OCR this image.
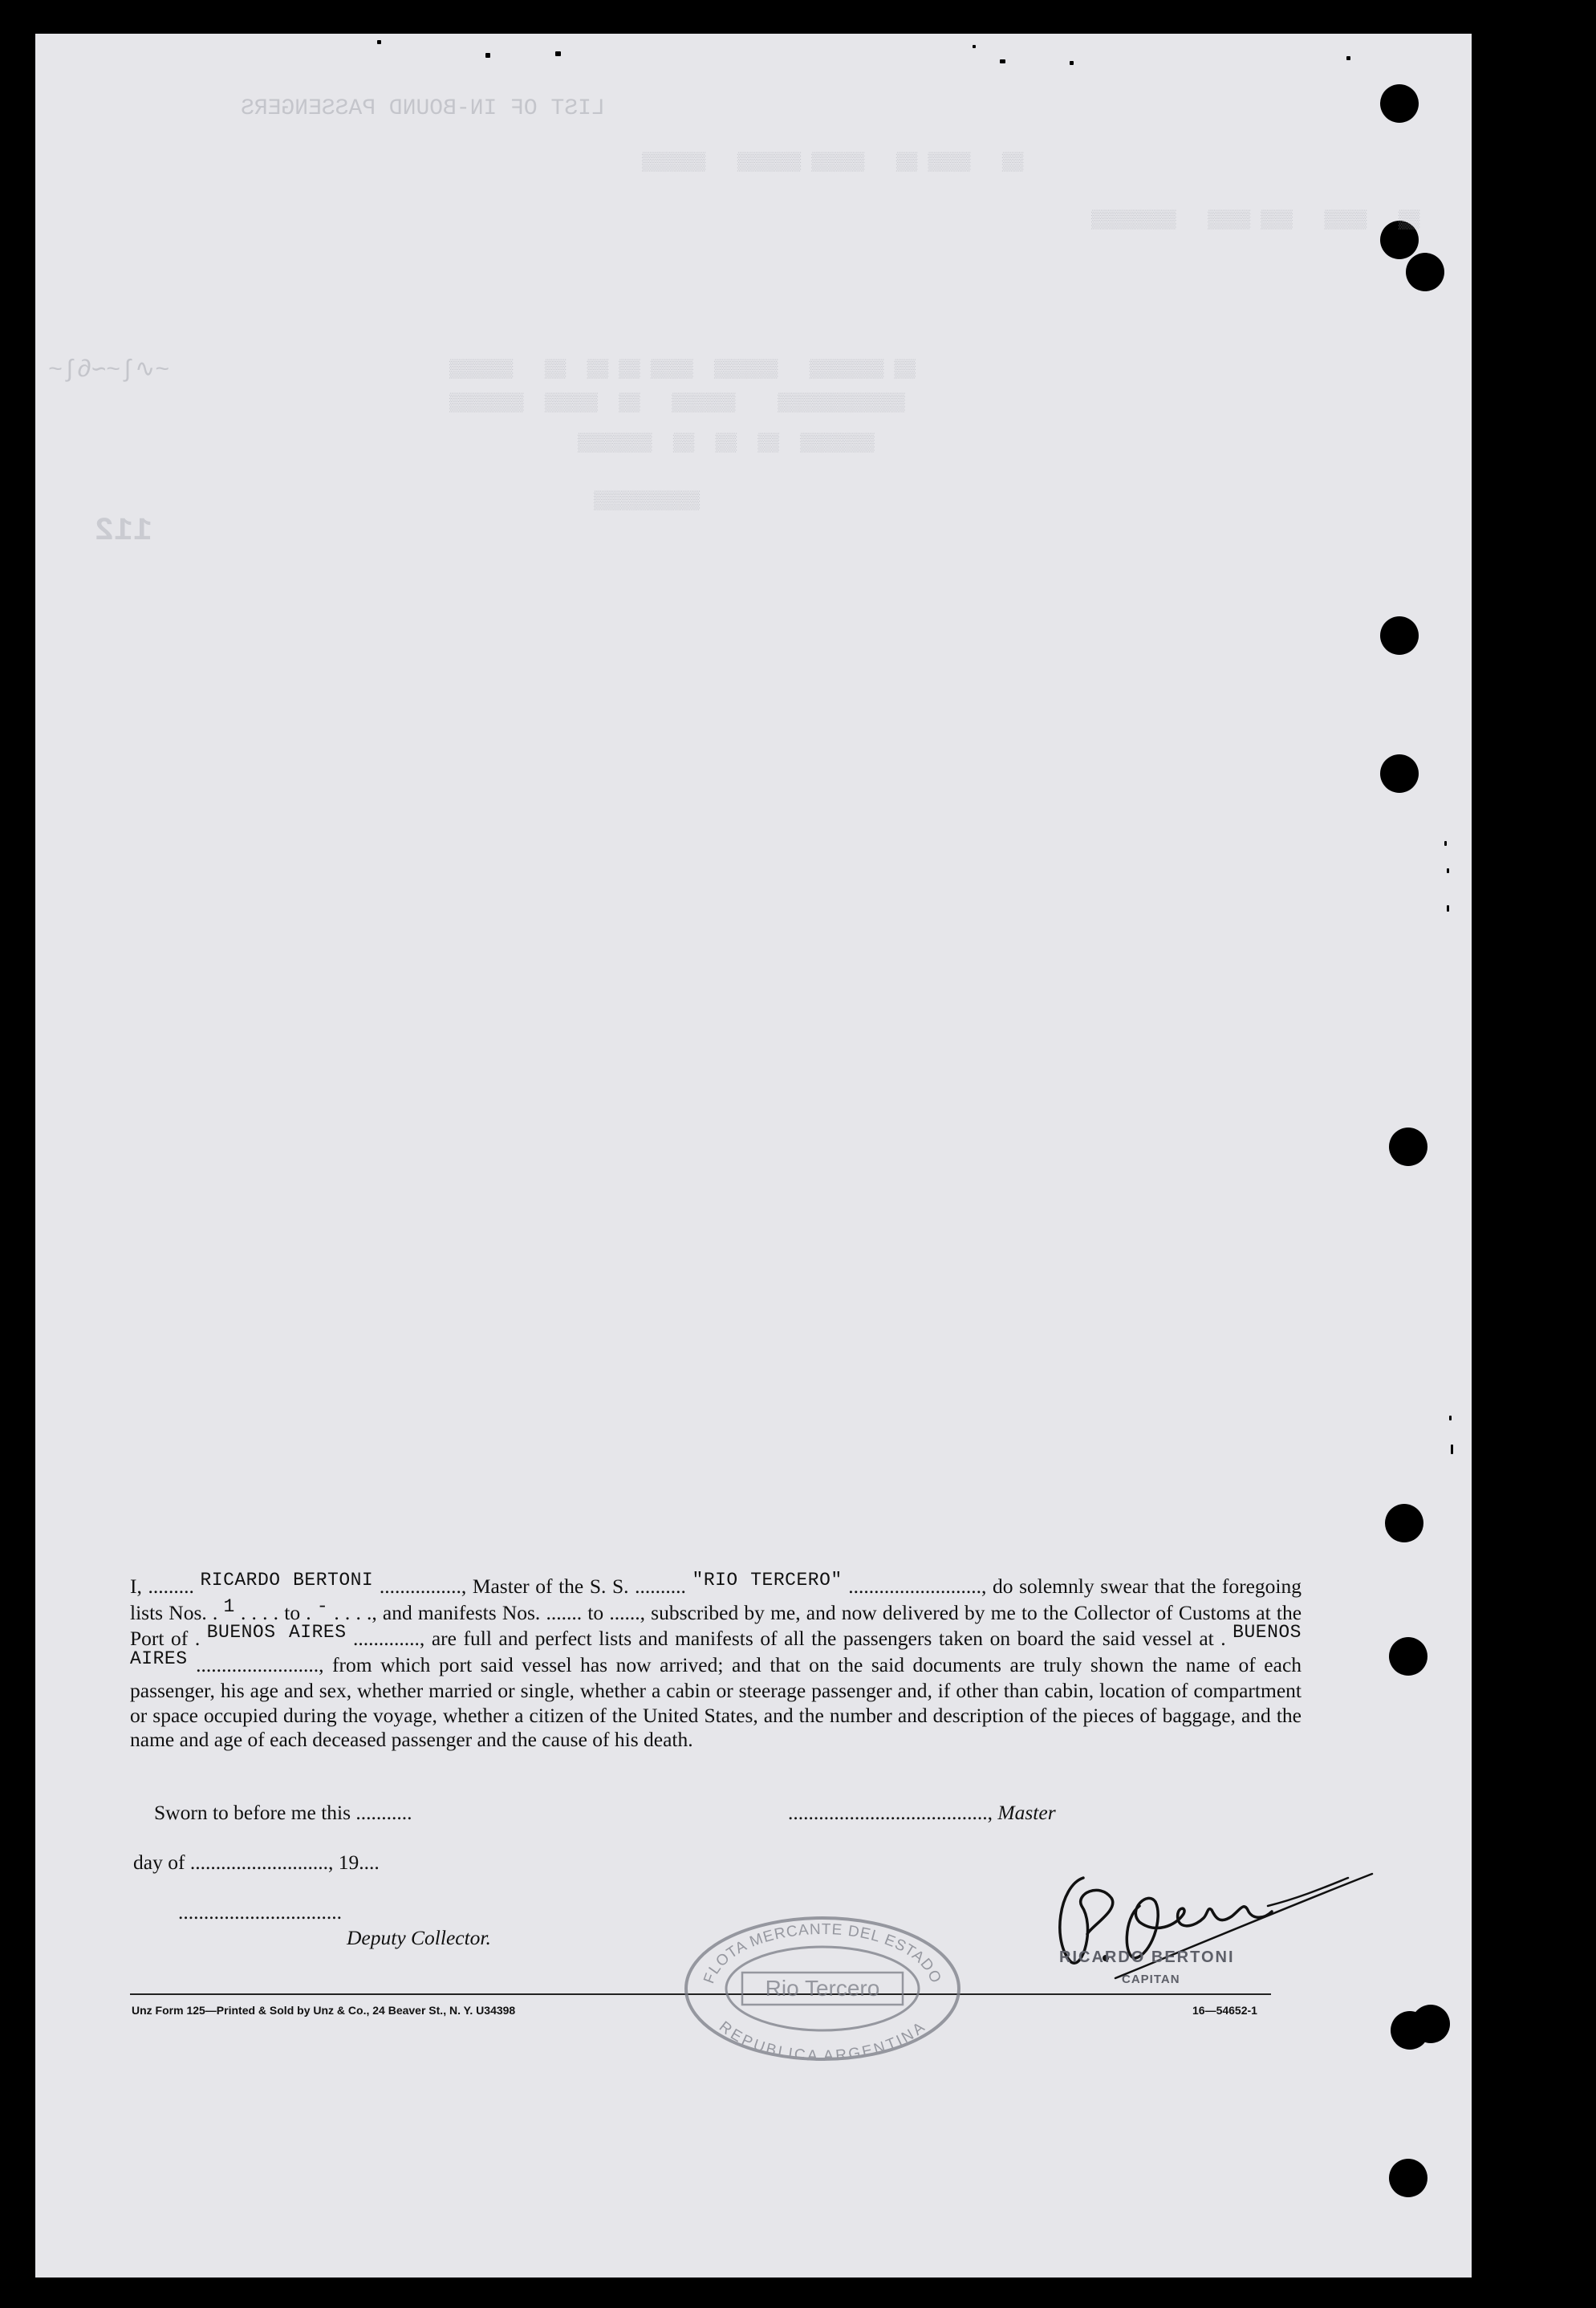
LIST OF IN-BOUND PASSENGERS
▒▒▒▒▒▒   ▒▒▒▒▒▒ ▒▒▒▒▒   ▒▒ ▒▒▒▒   ▒▒
▒▒▒▒▒▒▒▒   ▒▒▒▒ ▒▒▒   ▒▒▒▒   ▒▒
▒▒▒▒▒▒   ▒▒  ▒▒ ▒▒ ▒▒▒▒  ▒▒▒▒▒▒   ▒▒▒▒▒▒▒ ▒▒
▒▒▒▒▒▒▒  ▒▒▒▒▒  ▒▒   ▒▒▒▒▒▒    ▒▒▒▒▒▒▒▒▒▒▒▒
▒▒▒▒▒▒▒  ▒▒  ▒▒  ▒▒  ▒▒▒▒▒▒▒
▒▒▒▒▒▒▒▒▒▒
112
~∫∂∽~∫∿~

I, ......... RICARDO BERTONI ................, Master of the S. S. .......... "RIO TERCERO" .........................., do solemnly swear that the foregoing lists Nos. . 1 . . . . to . - . . . ., and manifests Nos. ....... to ......, subscribed by me, and now delivered by me to the Collector of Customs at the Port of . BUENOS AIRES ............., are full and perfect lists and manifests of all the passengers taken on board the said vessel at . BUENOS AIRES ........................, from which port said vessel has now arrived; and that on the said documents are truly shown the name of each passenger, his age and sex, whether married or single, whether a cabin or steerage passenger and, if other than cabin, location of compartment or space occupied during the voyage, whether a citizen of the United States, and the number and description of the pieces of baggage, and the name and age of each deceased passenger and the cause of his death.

Sworn to before me this ...........	......................................., Master
day of ..........................., 19....
................................
Deputy Collector.
Unz Form 125—Printed & Sold by Unz & Co., 24 Beaver St., N. Y. U34398	16—54652-1
FLOTA MERCANTE DEL ESTADO
Rio Tercero
REPUBLICA ARGENTINA
RICARDO BERTONI
CAPITAN
